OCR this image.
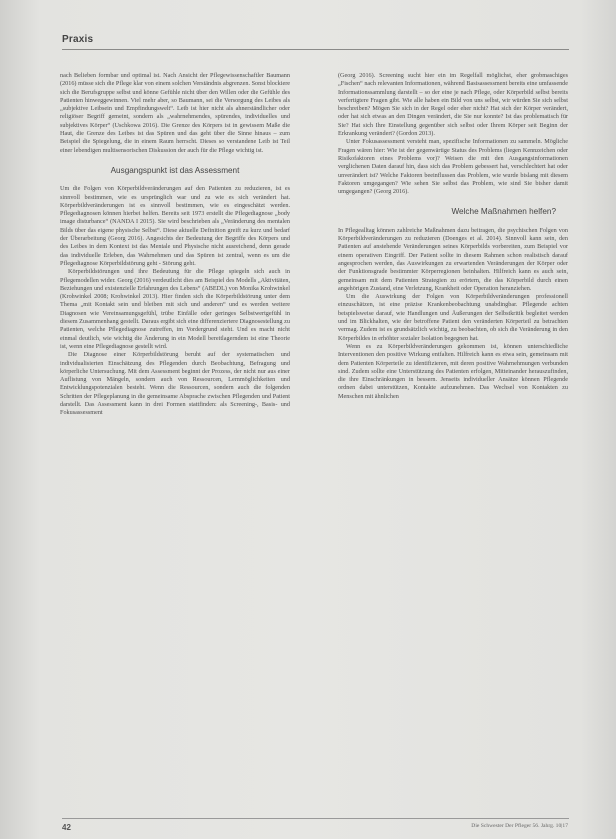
Praxis

nach Belieben formbar und optimal ist. Nach Ansicht der Pflegewissenschaftler Baumann (2016) müsse sich die Pflege klar von einem solchen Verständnis abgrenzen. Sonst blockiere sich die Berufsgruppe selbst und könne Gefühle nicht über den Willen oder die Gefühle des Patienten hinweggewinnen. Viel mehr aber, so Baumann, sei die Versorgung des Leibes als „subjektive Leibsein und Empfindungswelt“. Leib ist hier nicht als ahnerständlicher oder religiöser Begriff gemeint, sondern als „wahrnehmendes, spürendes, individuelles und subjektives Körper“ (Uschkowa 2016). Die Grenze des Körpers ist in gewissem Maße die Haut, die Grenze des Leibes ist das Spüren und das geht über die Sinne hinaus – zum Beispiel die Spiegelung, die in einem Raum herrscht. Dieses so verstandene Leib ist Teil einer lebendigen multisensorischen Diskussion der auch für die Pflege wichtig ist.

Ausgangspunkt ist das Assessment

Um die Folgen von Körperbildveränderungen auf den Patienten zu reduzieren, ist es sinnvoll bestimmen, wie es ursprünglich war und zu wie es sich verändert hat. Körperbildveränderungen ist es sinnvoll bestimmen, wie es eingeschätzt werden. Pflegediagnosen können hierbei helfen. Bereits seit 1973 erstellt die Pflegediagnose „body image disturbance“ (NANDA I 2015). Sie wird beschrieben als „Veränderung des mentalen Bilds über das eigene physische Selbst“. Diese aktuelle Definition greift zu kurz und bedarf der Überarbeitung (Georg 2016). Angesichts der Bedeutung der Begriffe des Körpers und des Leibes in dem Kontext ist das Mentale und Physische nicht ausreichend, denn gerade das individuelle Erleben, das Wahrnehmen und das Spüren ist zentral, wenn es um die Pflegediagnose Körperbildstörung geht - Störung geht.

Körperbildstörungen und ihre Bedeutung für die Pflege spiegeln sich auch in Pflegemodellen wider. Georg (2016) verdeutlicht dies am Beispiel des Modells „Aktivitäten, Beziehungen und existenzielle Erfahrungen des Lebens“ (ABEDL) von Monika Krohwinkel (Krohwinkel 2008; Krohwinkel 2013). Hier finden sich die Körperbildstörung unter dem Thema „mit Kontakt sein und bleiben mit sich und anderen“ und es werden weitere Diagnosen wie Vereinsamungsgefühl, trübe Einfälle oder geringes Selbstwertgefühl in diesem Zusammenhang gestellt. Daraus ergibt sich eine differenziertere Diagnosestellung zu Patienten, welche Pflegediagnose zutreffen, im Vordergrund steht. Und es macht nicht einmal deutlich, wie wichtig die Änderung in ein Modell bereitlagerndem ist eine Theorie ist, wenn eine Pflegediagnose gestellt wird.

Die Diagnose einer Körperbildstörung beruht auf der systematischen und individualisierten Einschätzung des Pflegenden durch Beobachtung, Befragung und körperliche Untersuchung. Mit dem Assessment beginnt der Prozess, der nicht nur aus einer Auflistung von Mängeln, sondern auch von Ressourcen, Lernmöglichkeiten und Entwicklungspotenzialen besteht. Wenn die Ressourcen, sondern auch die folgenden Schritten der Pflegeplanung in die gemeinsame Absprache zwischen Pflegenden und Patient darstellt. Das Assessment kann in drei Formen stattfinden: als Screening-, Basis- und Fokusassessment

(Georg 2016). Screening sucht hier ein im Regelfall möglichst, eher grobmaschiges „Fischen“ nach relevanten Informationen, während Basisassessment bereits eine umfassende Informationssammlung darstellt – so der eine je nach Pflege, oder Körperbild selbst bereits verfertigtere Fragen gibt. Wie alle haben ein Bild von uns selbst, wir würden Sie sich selbst beschreiben? Mögen Sie sich in der Regel oder eher nicht? Hat sich der Körper verändert, oder hat sich etwas an den Dingen verändert, die Sie nur konnte? Ist das problematisch für Sie? Hat sich Ihre Einstellung gegenüber sich selbst oder Ihrem Körper seit Beginn der Erkrankung verändert? (Gordon 2013).

Unter Fokusassessment versteht man, spezifische Informationen zu sammeln. Mögliche Fragen wären hier: Wie ist der gegenwärtige Status des Problems (liegen Kennzeichen oder Risikofaktoren eines Problems vor)? Weisen die mit den Ausgangsinformationen verglichenen Daten darauf hin, dass sich das Problem gebessert hat, verschlechtert hat oder unverändert ist? Welche Faktoren beeinflussen das Problem, wie wurde bislang mit diesem Faktoren umgegangen? Wie sehen Sie selbst das Problem, wie sind Sie bisher damit umgegangen? (Georg 2016).

Welche Maßnahmen helfen?

In Pflegealltag können zahlreiche Maßnahmen dazu beitragen, die psychischen Folgen von Körperbildveränderungen zu reduzieren (Doenges et al. 2014). Sinnvoll kann sein, den Patienten auf anstehende Veränderungen seines Körperbilds vorbereiten, zum Beispiel vor einem operativen Eingriff. Der Patient sollte in diesem Rahmen schon realistisch darauf angesprochen werden, das Auswirkungen zu erwartenden Veränderungen der Körper oder der Funktionsgrade bestimmter Körperregionen beinhalten. Hilfreich kann es auch sein, gemeinsam mit dem Patienten Strategien zu erörtern, die das Körperbild durch einen angehörigen Zustand, eine Verletzung, Krankheit oder Operation heranziehen.

Um die Auswirkung der Folgen von Körperbildveränderungen professionell einzuschätzen, ist eine präzise Krankenbeobachtung unabdingbar. Pflegende achten beispielsweise darauf, wie Handlungen und Äußerungen der Selbstkritik begleitet werden und im Blickhalten, wie der betroffene Patient den veränderten Körperteil zu betrachten vermag. Zudem ist es grundsätzlich wichtig, zu beobachten, ob sich die Veränderung in den Körperbildes in erhöhter sozialer Isolation begegnen hat.

Wenn es zu Körperbildveränderungen gekommen ist, können unterschiedliche Interventionen den positive Wirkung entfalten. Hilfreich kann es etwa sein, gemeinsam mit dem Patienten Körperteile zu identifizieren, mit deren positive Wahrnehmungen verbunden sind. Zudem sollte eine Unterstützung des Patienten erfolgen, Mitteinander herauszufinden, die ihre Einschränkungen in bessern. Jenseits individueller Ansätze können Pflegende ordnen dabei unterstützen, Kontakte aufzunehmen. Das Wechsel von Kontakten zu Menschen mit ähnlichen

42	Die Schwester Der Pfleger 56. Jahrg. 10|17
